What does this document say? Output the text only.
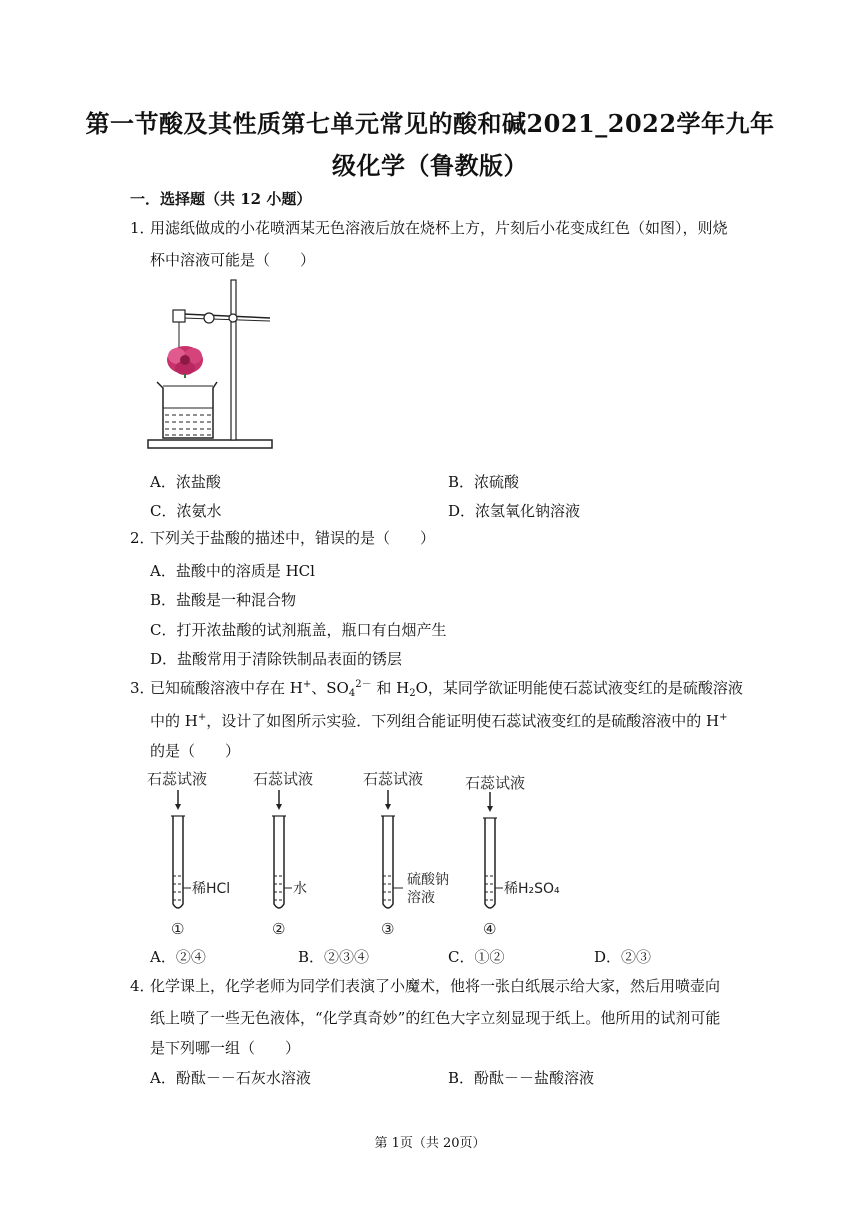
第一节酸及其性质第七单元常见的酸和碱2021_2022学年九年
级化学（鲁教版）
一．选择题（共 12 小题）
1．用滤纸做成的小花喷洒某无色溶液后放在烧杯上方，片刻后小花变成红色（如图），则烧
杯中溶液可能是（　　）
A．浓盐酸	B．浓硫酸
C．浓氨水	D．浓氢氧化钠溶液
2．下列关于盐酸的描述中，错误的是（　　）
A．盐酸中的溶质是 HCl
B．盐酸是一种混合物
C．打开浓盐酸的试剂瓶盖，瓶口有白烟产生
D．盐酸常用于清除铁制品表面的锈层
3．已知硫酸溶液中存在 H+、$SO_4^{2-}$ 和 $H_2O$，某同学欲证明能使石蕊试液变红的是硫酸溶液
中的 H+，设计了如图所示实验．下列组合能证明使石蕊试液变红的是硫酸溶液中的 H+
的是（　　）
石蕊试液	石蕊试液	石蕊试液	石蕊试液
稀HCl
①
水
②
硫酸钠
溶液
③
稀H₂SO₄
④
A．②④	B．②③④	C．①②	D．②③
4．化学课上，化学老师为同学们表演了小魔术，他将一张白纸展示给大家，然后用喷壶向
纸上喷了一些无色液体，“化学真奇妙”的红色大字立刻显现于纸上。他所用的试剂可能
是下列哪一组（　　）
A．酚酞－－石灰水溶液	B．酚酞－－盐酸溶液
第 1页（共 20页）
